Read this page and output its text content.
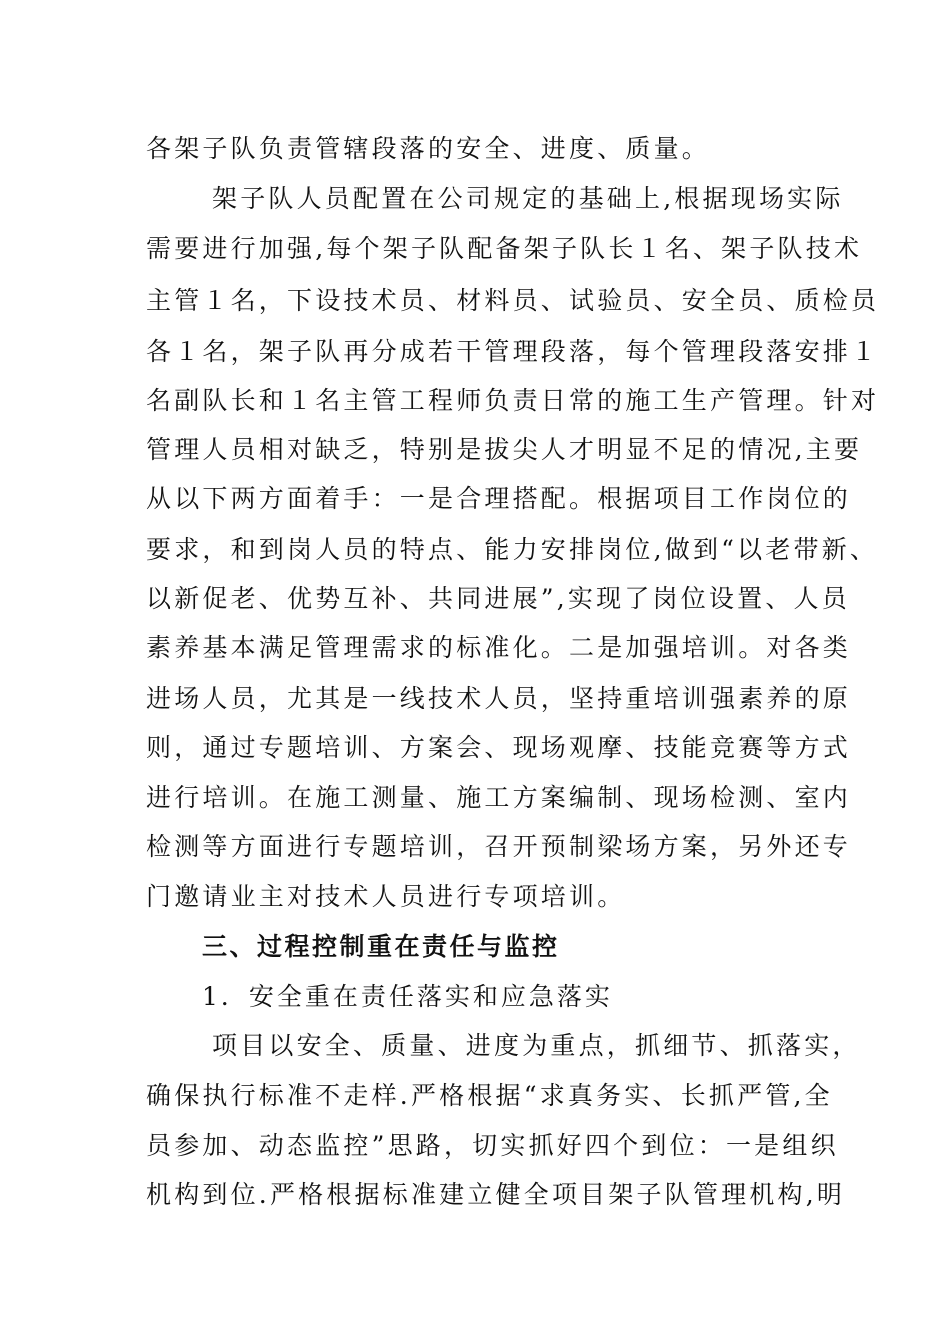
各架子队负责管辖段落的安全、进度、质量。
架子队人员配置在公司规定的基础上,根据现场实际
需要进行加强,每个架子队配备架子队长１名、架子队技术
主管１名，下设技术员、材料员、试验员、安全员、质检员
各１名，架子队再分成若干管理段落，每个管理段落安排１
名副队长和１名主管工程师负责日常的施工生产管理。针对
管理人员相对缺乏，特别是拔尖人才明显不足的情况,主要
从以下两方面着手：一是合理搭配。根据项目工作岗位的
要求，和到岗人员的特点、能力安排岗位,做到“以老带新、
以新促老、优势互补、共同进展”,实现了岗位设置、人员
素养基本满足管理需求的标准化。二是加强培训。对各类
进场人员，尤其是一线技术人员，坚持重培训强素养的原
则，通过专题培训、方案会、现场观摩、技能竞赛等方式
进行培训。在施工测量、施工方案编制、现场检测、室内
检测等方面进行专题培训，召开预制梁场方案，另外还专
门邀请业主对技术人员进行专项培训。
三、过程控制重在责任与监控
1．安全重在责任落实和应急落实
项目以安全、质量、进度为重点，抓细节、抓落实，
确保执行标准不走样.严格根据“求真务实、长抓严管,全
员参加、动态监控”思路，切实抓好四个到位：一是组织
机构到位.严格根据标准建立健全项目架子队管理机构,明
